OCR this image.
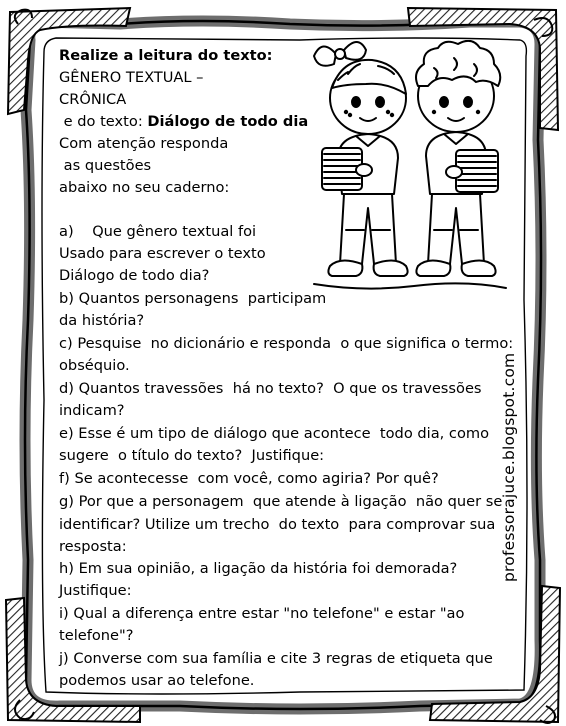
Realize a leitura do texto:
GÊNERO TEXTUAL –
CRÔNICA
e do texto: Diálogo de todo dia
Com atenção responda
as questões
abaixo no seu caderno:
a)    Que gênero textual foi
Usado para escrever o texto
Diálogo de todo dia?
b) Quantos personagens  participam
da história?
c) Pesquise  no dicionário e responda  o que significa o termo:
obséquio.
d) Quantos travessões  há no texto?  O que os travessões
indicam?
e) Esse é um tipo de diálogo que acontece  todo dia, como
sugere  o título do texto?  Justifique:
f) Se acontecesse  com você, como agiria? Por quê?
g) Por que a personagem  que atende à ligação  não quer se
identificar? Utilize um trecho  do texto  para comprovar sua
resposta:
h) Em sua opinião, a ligação da história foi demorada?
Justifique:
i) Qual a diferença entre estar "no telefone" e estar "ao
telefone"?
j) Converse com sua família e cite 3 regras de etiqueta que
podemos usar ao telefone.
professorajuce.blogspot.com
